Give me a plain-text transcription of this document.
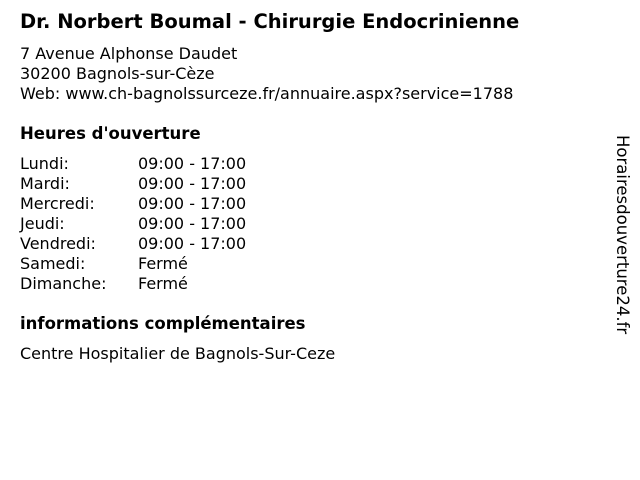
Dr. Norbert Boumal - Chirurgie Endocrinienne
7 Avenue Alphonse Daudet
30200 Bagnols-sur-Cèze
Web: www.ch-bagnolssurceze.fr/annuaire.aspx?service=1788
Heures d'ouverture
Lundi:	09:00 - 17:00
Mardi:	09:00 - 17:00
Mercredi:	09:00 - 17:00
Jeudi:	09:00 - 17:00
Vendredi:	09:00 - 17:00
Samedi:	Fermé
Dimanche:	Fermé
informations complémentaires
Centre Hospitalier de Bagnols-Sur-Ceze
Horairesdouverture24.fr
